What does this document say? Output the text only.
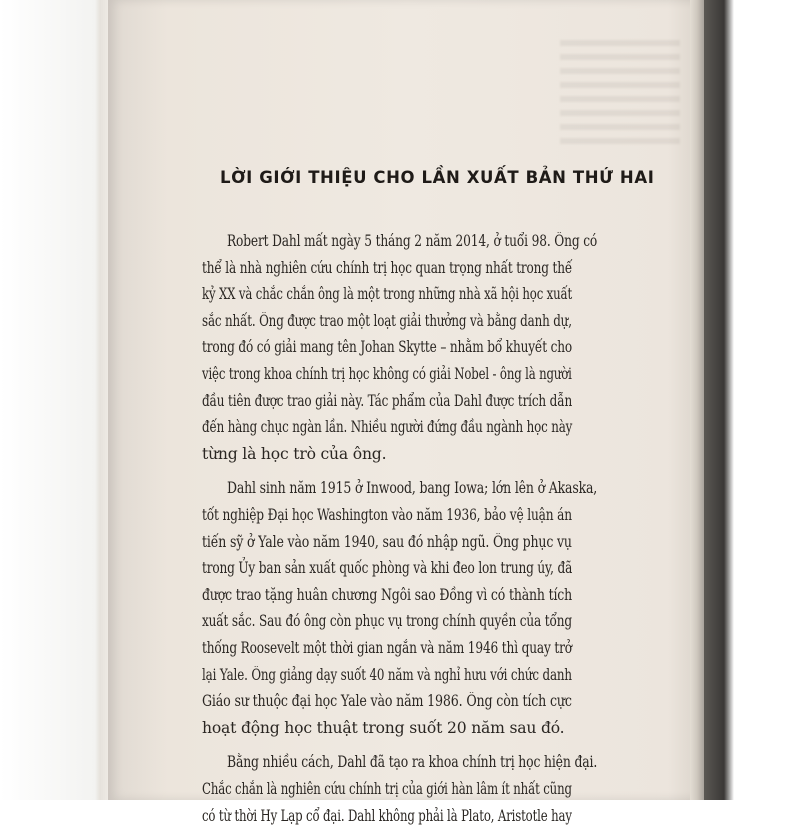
LỜI GIỚI THIỆU CHO LẦN XUẤT BẢN THỨ HAI
Robert Dahl mất ngày 5 tháng 2 năm 2014, ở tuổi 98. Ông có
thể là nhà nghiên cứu chính trị học quan trọng nhất trong thế
kỷ XX và chắc chắn ông là một trong những nhà xã hội học xuất
sắc nhất. Ông được trao một loạt giải thưởng và bằng danh dự,
trong đó có giải mang tên Johan Skytte – nhằm bổ khuyết cho
việc trong khoa chính trị học không có giải Nobel - ông là người
đầu tiên được trao giải này. Tác phẩm của Dahl được trích dẫn
đến hàng chục ngàn lần. Nhiều người đứng đầu ngành học này
từng là học trò của ông.
Dahl sinh năm 1915 ở Inwood, bang Iowa; lớn lên ở Akaska,
tốt nghiệp Đại học Washington vào năm 1936, bảo vệ luận án
tiến sỹ ở Yale vào năm 1940, sau đó nhập ngũ. Ông phục vụ
trong Ủy ban sản xuất quốc phòng và khi đeo lon trung úy, đã
được trao tặng huân chương Ngôi sao Đồng vì có thành tích
xuất sắc. Sau đó ông còn phục vụ trong chính quyền của tổng
thống Roosevelt một thời gian ngắn và năm 1946 thì quay trở
lại Yale. Ông giảng dạy suốt 40 năm và nghỉ hưu với chức danh
Giáo sư thuộc đại học Yale vào năm 1986. Ông còn tích cực
hoạt động học thuật trong suốt 20 năm sau đó.
Bằng nhiều cách, Dahl đã tạo ra khoa chính trị học hiện đại.
Chắc chắn là nghiên cứu chính trị của giới hàn lâm ít nhất cũng
có từ thời Hy Lạp cổ đại. Dahl không phải là Plato, Aristotle hay
